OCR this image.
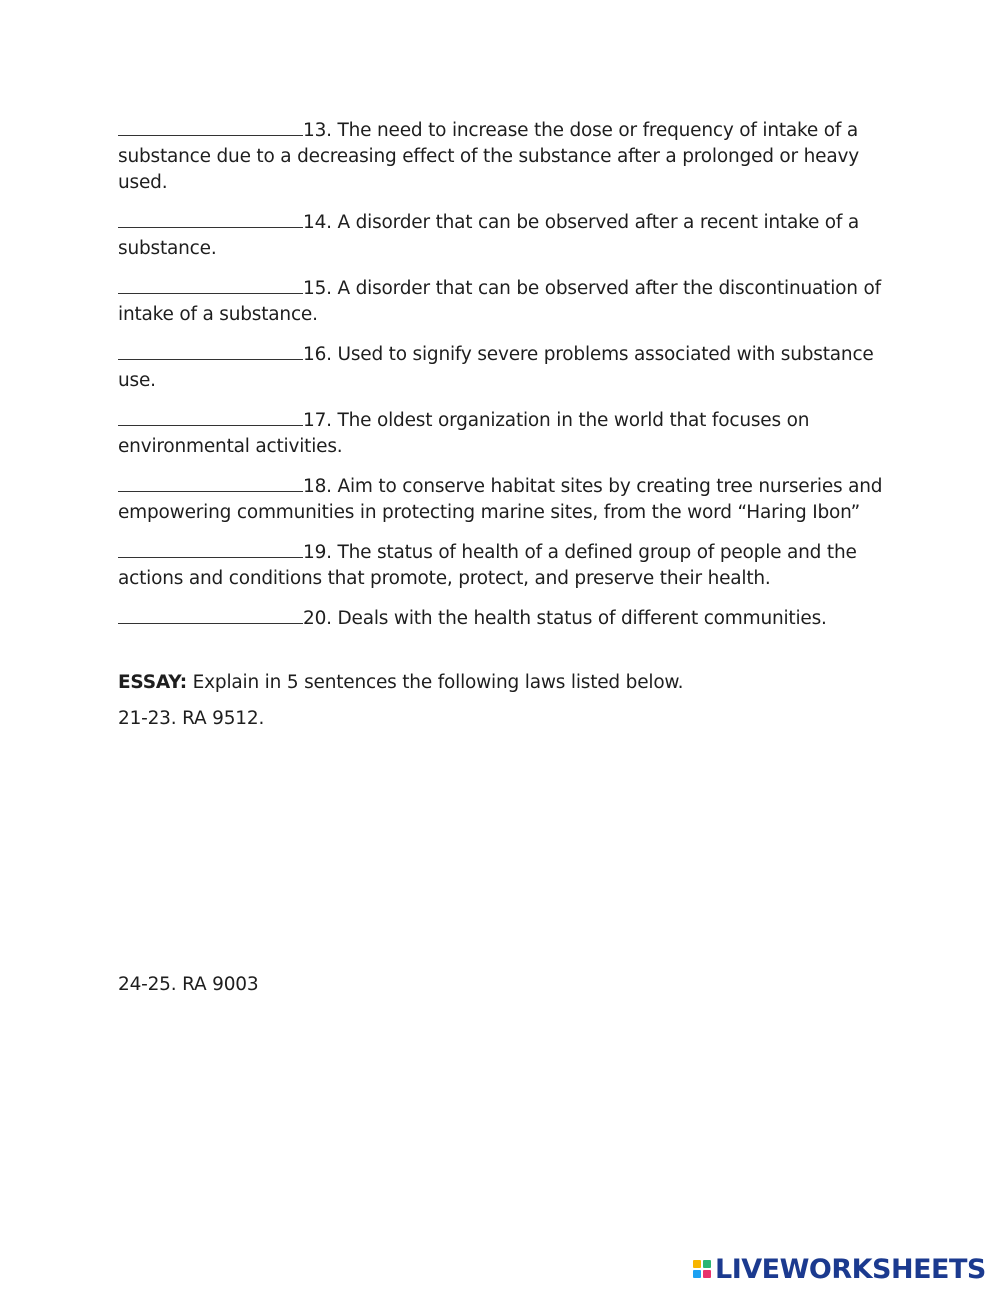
13. The need to increase the dose or frequency of intake of a substance due to a decreasing effect of the substance after a prolonged or heavy used.
14. A disorder that can be observed after a recent intake of a substance.
15. A disorder that can be observed after the discontinuation of intake of a substance.
16. Used to signify severe problems associated with substance use.
17. The oldest organization in the world that focuses on environmental activities.
18. Aim to conserve habitat sites by creating tree nurseries and empowering communities in protecting marine sites, from the word “Haring Ibon”
19. The status of health of a defined group of people and the actions and conditions that promote, protect, and preserve their health.
20. Deals with the health status of different communities.
ESSAY: Explain in 5 sentences the following laws listed below.
21-23. RA 9512.
24-25. RA 9003
LIVEWORKSHEETS
